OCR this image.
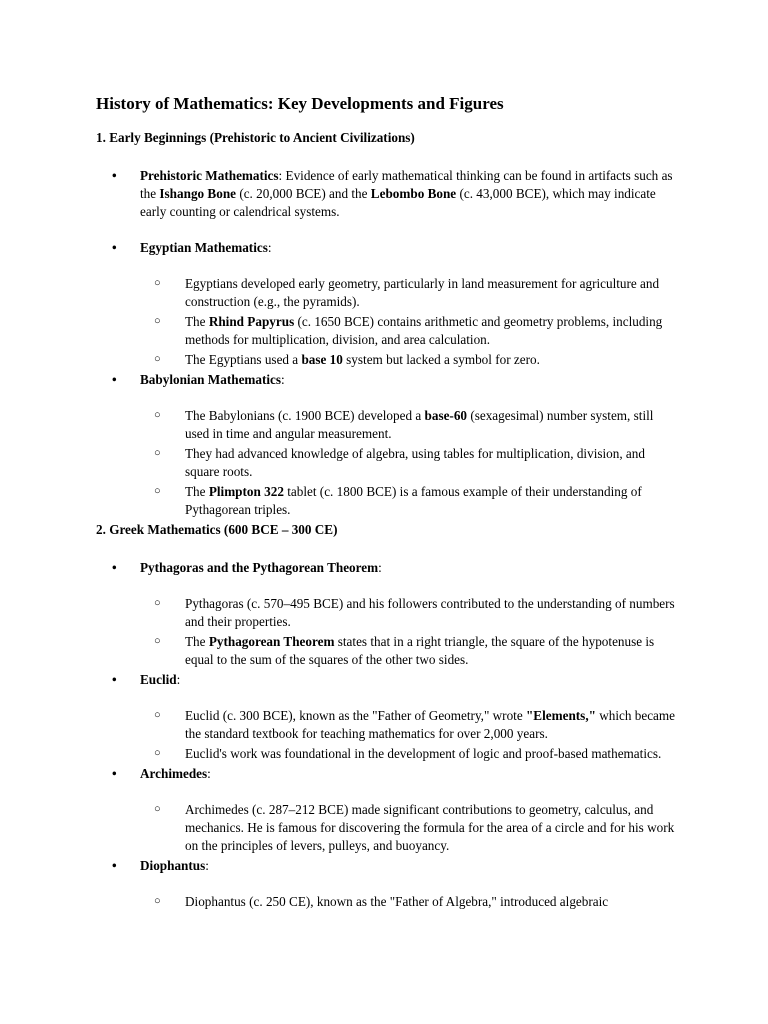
History of Mathematics: Key Developments and Figures
1. Early Beginnings (Prehistoric to Ancient Civilizations)
• Prehistoric Mathematics: Evidence of early mathematical thinking can be found in artifacts such as the Ishango Bone (c. 20,000 BCE) and the Lebombo Bone (c. 43,000 BCE), which may indicate early counting or calendrical systems.
• Egyptian Mathematics:
○ Egyptians developed early geometry, particularly in land measurement for agriculture and construction (e.g., the pyramids).
○ The Rhind Papyrus (c. 1650 BCE) contains arithmetic and geometry problems, including methods for multiplication, division, and area calculation.
○ The Egyptians used a base 10 system but lacked a symbol for zero.
• Babylonian Mathematics:
○ The Babylonians (c. 1900 BCE) developed a base-60 (sexagesimal) number system, still used in time and angular measurement.
○ They had advanced knowledge of algebra, using tables for multiplication, division, and square roots.
○ The Plimpton 322 tablet (c. 1800 BCE) is a famous example of their understanding of Pythagorean triples.
2. Greek Mathematics (600 BCE – 300 CE)
• Pythagoras and the Pythagorean Theorem:
○ Pythagoras (c. 570–495 BCE) and his followers contributed to the understanding of numbers and their properties.
○ The Pythagorean Theorem states that in a right triangle, the square of the hypotenuse is equal to the sum of the squares of the other two sides.
• Euclid:
○ Euclid (c. 300 BCE), known as the "Father of Geometry," wrote "Elements," which became the standard textbook for teaching mathematics for over 2,000 years.
○ Euclid's work was foundational in the development of logic and proof-based mathematics.
• Archimedes:
○ Archimedes (c. 287–212 BCE) made significant contributions to geometry, calculus, and mechanics. He is famous for discovering the formula for the area of a circle and for his work on the principles of levers, pulleys, and buoyancy.
• Diophantus:
○ Diophantus (c. 250 CE), known as the "Father of Algebra," introduced algebraic
